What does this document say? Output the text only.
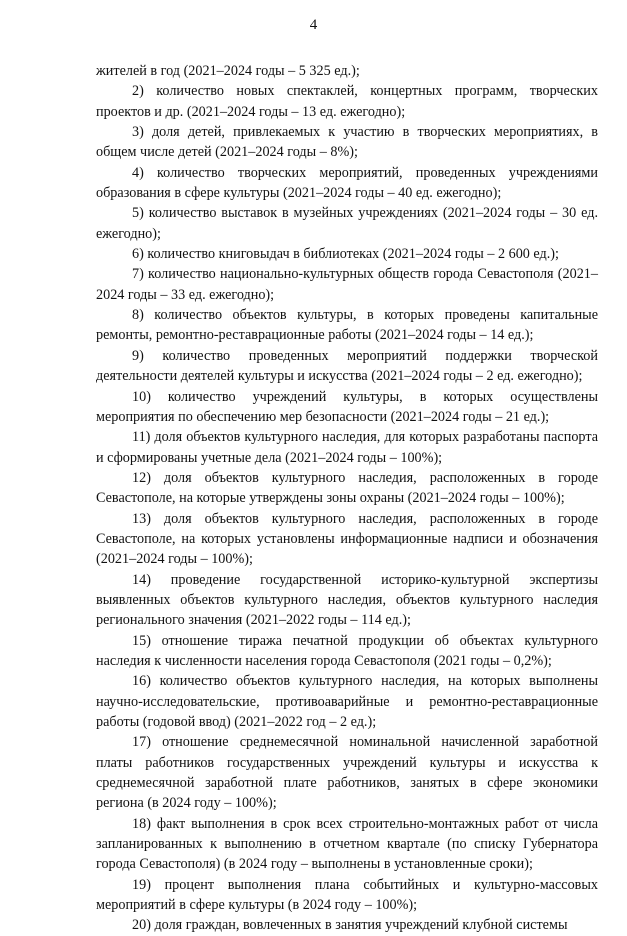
4

жителей в год (2021–2024 годы – 5 325 ед.);

2) количество новых спектаклей, концертных программ, творческих проектов и др. (2021–2024 годы – 13 ед. ежегодно);

3) доля детей, привлекаемых к участию в творческих мероприятиях, в общем числе детей (2021–2024 годы – 8%);

4) количество творческих мероприятий, проведенных учреждениями образования в сфере культуры (2021–2024 годы – 40 ед. ежегодно);

5) количество выставок в музейных учреждениях (2021–2024 годы – 30 ед. ежегодно);

6) количество книговыдач в библиотеках (2021–2024 годы – 2 600 ед.);

7) количество национально-культурных обществ города Севастополя (2021–2024 годы – 33 ед. ежегодно);

8) количество объектов культуры, в которых проведены капитальные ремонты, ремонтно-реставрационные работы (2021–2024 годы – 14 ед.);

9) количество проведенных мероприятий поддержки творческой деятельности деятелей культуры и искусства (2021–2024 годы – 2 ед. ежегодно);

10) количество учреждений культуры, в которых осуществлены мероприятия по обеспечению мер безопасности (2021–2024 годы – 21 ед.);

11) доля объектов культурного наследия, для которых разработаны паспорта и сформированы учетные дела (2021–2024 годы – 100%);

12) доля объектов культурного наследия, расположенных в городе Севастополе, на которые утверждены зоны охраны (2021–2024 годы – 100%);

13) доля объектов культурного наследия, расположенных в городе Севастополе, на которых установлены информационные надписи и обозначения (2021–2024 годы – 100%);

14) проведение государственной историко-культурной экспертизы выявленных объектов культурного наследия, объектов культурного наследия регионального значения (2021–2022 годы – 114 ед.);

15) отношение тиража печатной продукции об объектах культурного наследия к численности населения города Севастополя (2021 годы – 0,2%);

16) количество объектов культурного наследия, на которых выполнены научно-исследовательские, противоаварийные и ремонтно-реставрационные работы (годовой ввод) (2021–2022 год – 2 ед.);

17) отношение среднемесячной номинальной начисленной заработной платы работников государственных учреждений культуры и искусства к среднемесячной заработной плате работников, занятых в сфере экономики региона (в 2024 году – 100%);

18) факт выполнения в срок всех строительно-монтажных работ от числа запланированных к выполнению в отчетном квартале (по списку Губернатора города Севастополя) (в 2024 году – выполнены в установленные сроки);

19) процент выполнения плана событийных и культурно-массовых мероприятий в сфере культуры (в 2024 году – 100%);

20) доля граждан, вовлеченных в занятия учреждений клубной системы
